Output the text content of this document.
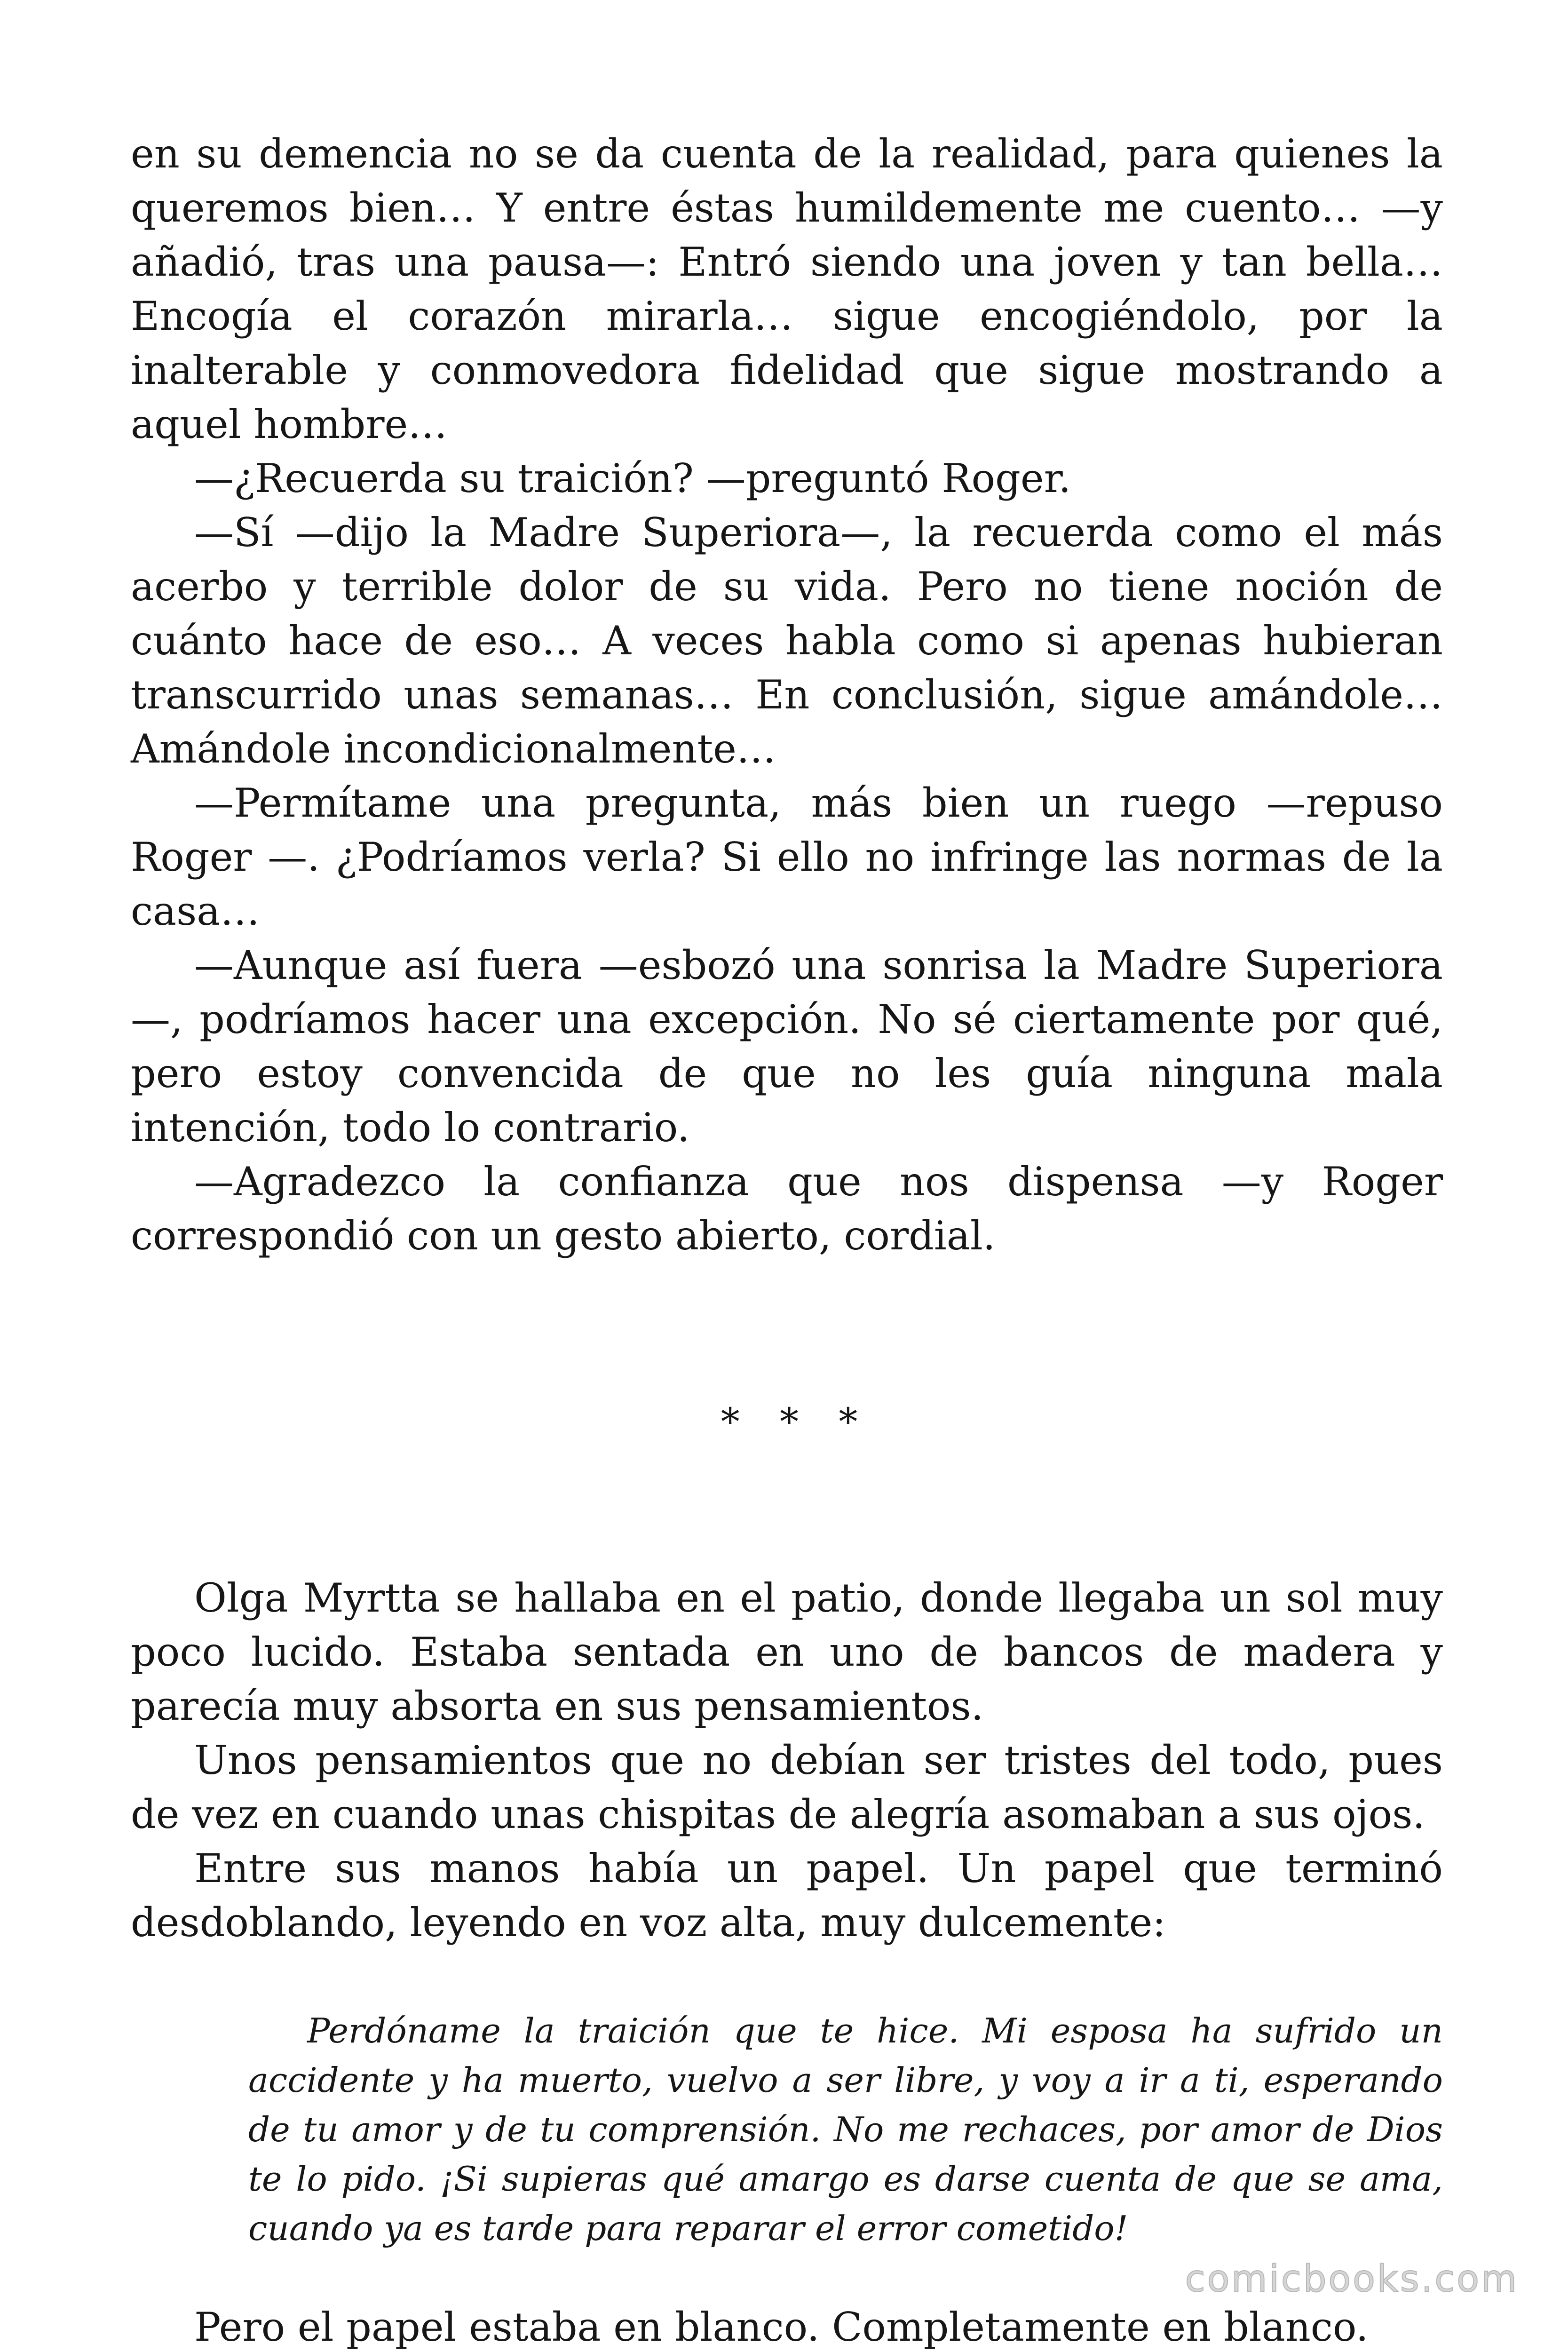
en su demencia no se da cuenta de la realidad, para quienes la queremos bien… Y entre éstas humildemente me cuento… —y añadió, tras una pausa—: Entró siendo una joven y tan bella… Encogía el corazón mirarla… sigue encogiéndolo, por la inalterable y conmovedora fidelidad que sigue mostrando a aquel hombre…

—¿Recuerda su traición? —preguntó Roger.

—Sí —dijo la Madre Superiora—, la recuerda como el más acerbo y terrible dolor de su vida. Pero no tiene noción de cuánto hace de eso… A veces habla como si apenas hubieran transcurrido unas semanas… En conclusión, sigue amándole… Amándole incondicionalmente…

—Permítame una pregunta, más bien un ruego —repuso Roger —. ¿Podríamos verla? Si ello no infringe las normas de la casa…

—Aunque así fuera —esbozó una sonrisa la Madre Superiora—, podríamos hacer una excepción. No sé ciertamente por qué, pero estoy convencida de que no les guía ninguna mala intención, todo lo contrario.

—Agradezco la confianza que nos dispensa —y Roger correspondió con un gesto abierto, cordial.

* * *

Olga Myrtta se hallaba en el patio, donde llegaba un sol muy poco lucido. Estaba sentada en uno de bancos de madera y parecía muy absorta en sus pensamientos.

Unos pensamientos que no debían ser tristes del todo, pues de vez en cuando unas chispitas de alegría asomaban a sus ojos.

Entre sus manos había un papel. Un papel que terminó desdoblando, leyendo en voz alta, muy dulcemente:

Perdóname la traición que te hice. Mi esposa ha sufrido un accidente y ha muerto, vuelvo a ser libre, y voy a ir a ti, esperando de tu amor y de tu comprensión. No me rechaces, por amor de Dios te lo pido. ¡Si supieras qué amargo es darse cuenta de que se ama, cuando ya es tarde para reparar el error cometido!

Pero el papel estaba en blanco. Completamente en blanco.

comicbooks.com
